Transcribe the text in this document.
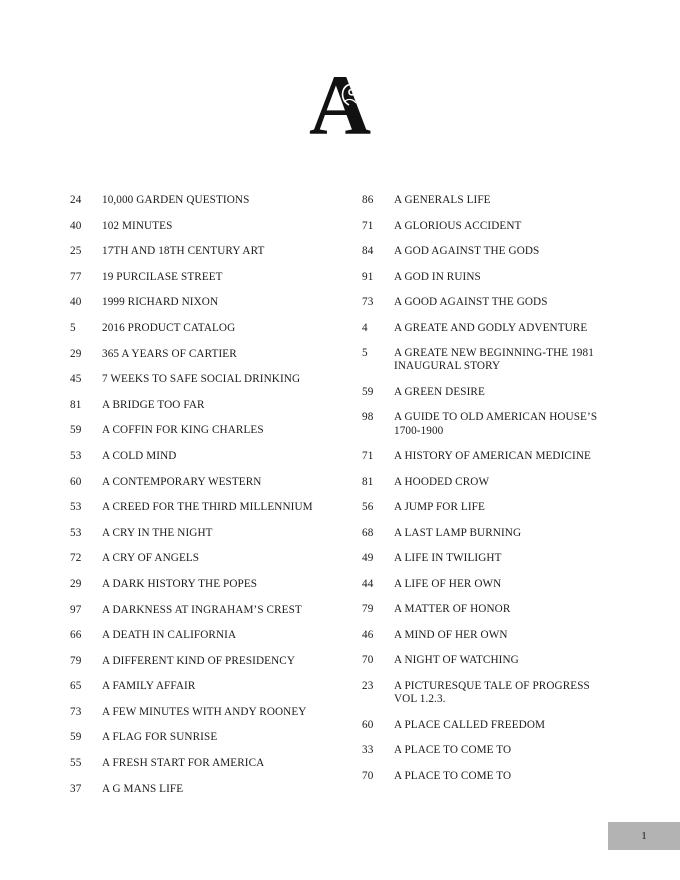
A
24	10,000 GARDEN QUESTIONS
40	102 MINUTES
25	17TH AND 18TH CENTURY ART
77	19 PURCILASE STREET
40	1999 RICHARD NIXON
5	2016 PRODUCT CATALOG
29	365 A YEARS OF CARTIER
45	7 WEEKS TO SAFE SOCIAL DRINKING
81	A BRIDGE TOO FAR
59	A COFFIN FOR KING CHARLES
53	A COLD MIND
60	A CONTEMPORARY WESTERN
53	A CREED FOR THE THIRD MILLENNIUM
53	A CRY IN THE NIGHT
72	A CRY OF ANGELS
29	A DARK HISTORY THE POPES
97	A DARKNESS AT INGRAHAM’S CREST
66	A DEATH IN CALIFORNIA
79	A DIFFERENT KIND OF PRESIDENCY
65	A FAMILY AFFAIR
73	A FEW MINUTES WITH ANDY ROONEY
59	A FLAG FOR SUNRISE
55	A FRESH START FOR AMERICA
37	A G MANS LIFE
86	A GENERALS LIFE
71	A GLORIOUS ACCIDENT
84	A GOD AGAINST THE GODS
91	A GOD IN RUINS
73	A GOOD AGAINST THE GODS
4	A GREATE AND GODLY ADVENTURE
5	A GREATE NEW BEGINNING-THE 1981 INAUGURAL STORY
59	A GREEN DESIRE
98	A GUIDE TO OLD AMERICAN HOUSE’S 1700-1900
71	A HISTORY OF AMERICAN MEDICINE
81	A HOODED CROW
56	A JUMP FOR LIFE
68	A LAST LAMP BURNING
49	A LIFE IN TWILIGHT
44	A LIFE OF HER OWN
79	A MATTER OF HONOR
46	A MIND OF HER OWN
70	A NIGHT OF WATCHING
23	A PICTURESQUE TALE OF PROGRESS VOL 1.2.3.
60	A PLACE CALLED FREEDOM
33	A PLACE TO COME TO
70	A PLACE TO COME TO
1
